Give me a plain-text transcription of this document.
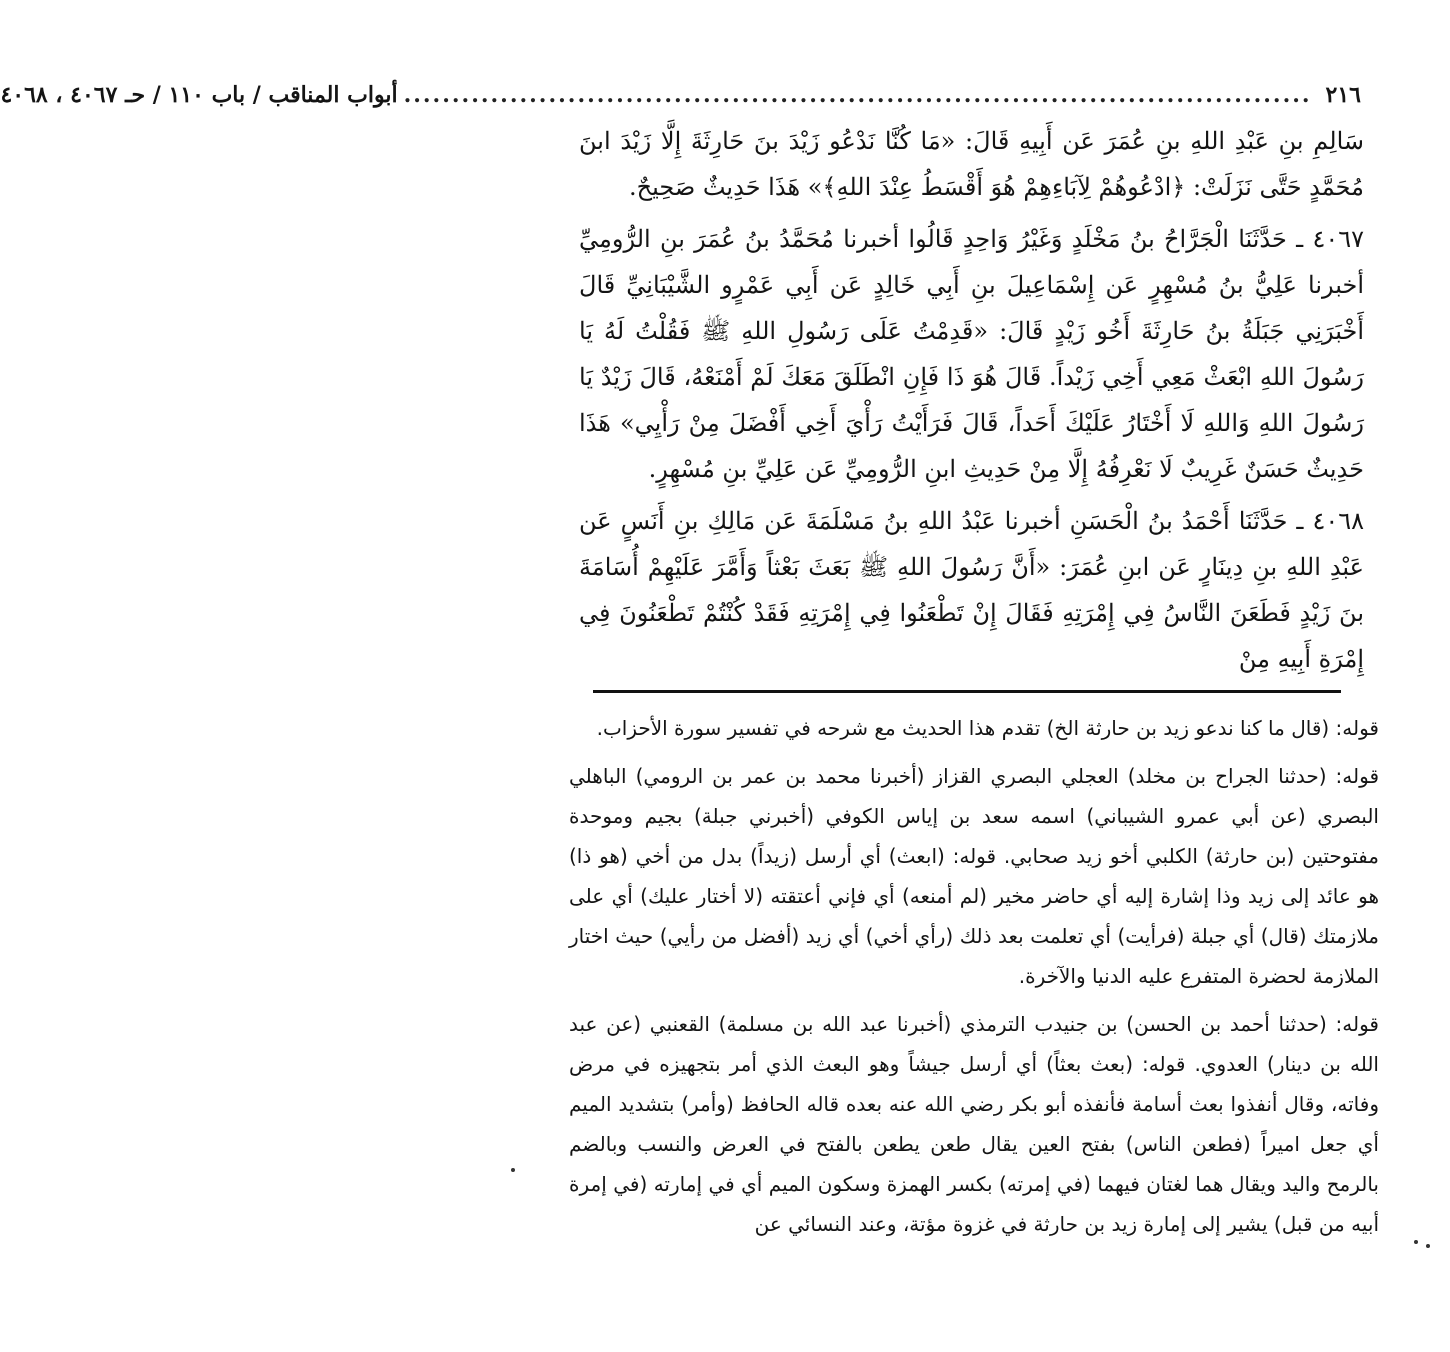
٢١٦
..............................................................................................
أبواب المناقب / باب ١١٠ / حـ ٤٠٦٧ ، ٤٠٦٨

سَالِمِ بنِ عَبْدِ اللهِ بنِ عُمَرَ عَن أَبِيهِ قَالَ: «مَا كُنَّا نَدْعُو زَيْدَ بنَ حَارِثَةَ إِلَّا زَيْدَ ابنَ مُحَمَّدٍ حَتَّى نَزَلَتْ: ﴿ادْعُوهُمْ لِآبَاءِهِمْ هُوَ أَقْسَطُ عِنْدَ اللهِ﴾» هَذَا حَدِيثٌ صَحِيحٌ.

٤٠٦٧ ـ حَدَّثَنَا الْجَرَّاحُ بنُ مَخْلَدٍ وَغَيْرُ وَاحِدٍ قَالُوا أخبرنا مُحَمَّدُ بنُ عُمَرَ بنِ الرُّومِيِّ أخبرنا عَلِيُّ بنُ مُسْهِرٍ عَن إِسْمَاعِيلَ بنِ أَبِي خَالِدٍ عَن أَبِي عَمْرٍو الشَّيْبَانِيِّ قَالَ أَخْبَرَنِي جَبَلَةُ بنُ حَارِثَةَ أَخُو زَيْدٍ قَالَ: «قَدِمْتُ عَلَى رَسُولِ اللهِ ﷺ فَقُلْتُ لَهُ يَا رَسُولَ اللهِ ابْعَثْ مَعِي أَخِي زَيْداً. قَالَ هُوَ ذَا فَإِنِ انْطَلَقَ مَعَكَ لَمْ أَمْنَعْهُ، قَالَ زَيْدٌ يَا رَسُولَ اللهِ وَاللهِ لَا أَخْتَارُ عَلَيْكَ أَحَداً، قَالَ فَرَأَيْتُ رَأْيَ أَخِي أَفْضَلَ مِنْ رَأْيِي» هَذَا حَدِيثٌ حَسَنٌ غَرِيبٌ لَا نَعْرِفُهُ إِلَّا مِنْ حَدِيثِ ابنِ الرُّومِيِّ عَن عَلِيِّ بنِ مُسْهِرٍ.

٤٠٦٨ ـ حَدَّثَنَا أَحْمَدُ بنُ الْحَسَنِ أخبرنا عَبْدُ اللهِ بنُ مَسْلَمَةَ عَن مَالِكِ بنِ أَنَسٍ عَن عَبْدِ اللهِ بنِ دِينَارٍ عَن ابنِ عُمَرَ: «أَنَّ رَسُولَ اللهِ ﷺ بَعَثَ بَعْثاً وَأَمَّرَ عَلَيْهِمْ أُسَامَةَ بنَ زَيْدٍ فَطَعَنَ النَّاسُ فِي إِمْرَتِهِ فَقَالَ إِنْ تَطْعَنُوا فِي إِمْرَتِهِ فَقَدْ كُنْتُمْ تَطْعَنُونَ فِي إِمْرَةِ أَبِيهِ مِنْ

قوله: (قال ما كنا ندعو زيد بن حارثة الخ) تقدم هذا الحديث مع شرحه في تفسير سورة الأحزاب.

قوله: (حدثنا الجراح بن مخلد) العجلي البصري القزاز (أخبرنا محمد بن عمر بن الرومي) الباهلي البصري (عن أبي عمرو الشيباني) اسمه سعد بن إياس الكوفي (أخبرني جبلة) بجيم وموحدة مفتوحتين (بن حارثة) الكلبي أخو زيد صحابي. قوله: (ابعث) أي أرسل (زيداً) بدل من أخي (هو ذا) هو عائد إلى زيد وذا إشارة إليه أي حاضر مخير (لم أمنعه) أي فإني أعتقته (لا أختار عليك) أي على ملازمتك (قال) أي جبلة (فرأيت) أي تعلمت بعد ذلك (رأي أخي) أي زيد (أفضل من رأيي) حيث اختار الملازمة لحضرة المتفرع عليه الدنيا والآخرة.

قوله: (حدثنا أحمد بن الحسن) بن جنيدب الترمذي (أخبرنا عبد الله بن مسلمة) القعنبي (عن عبد الله بن دينار) العدوي. قوله: (بعث بعثاً) أي أرسل جيشاً وهو البعث الذي أمر بتجهيزه في مرض وفاته، وقال أنفذوا بعث أسامة فأنفذه أبو بكر رضي الله عنه بعده قاله الحافظ (وأمر) بتشديد الميم أي جعل اميراً (فطعن الناس) بفتح العين يقال طعن يطعن بالفتح في العرض والنسب وبالضم بالرمح واليد ويقال هما لغتان فيهما (في إمرته) بكسر الهمزة وسكون الميم أي في إمارته (في إمرة أبيه من قبل) يشير إلى إمارة زيد بن حارثة في غزوة مؤتة، وعند النسائي عن
